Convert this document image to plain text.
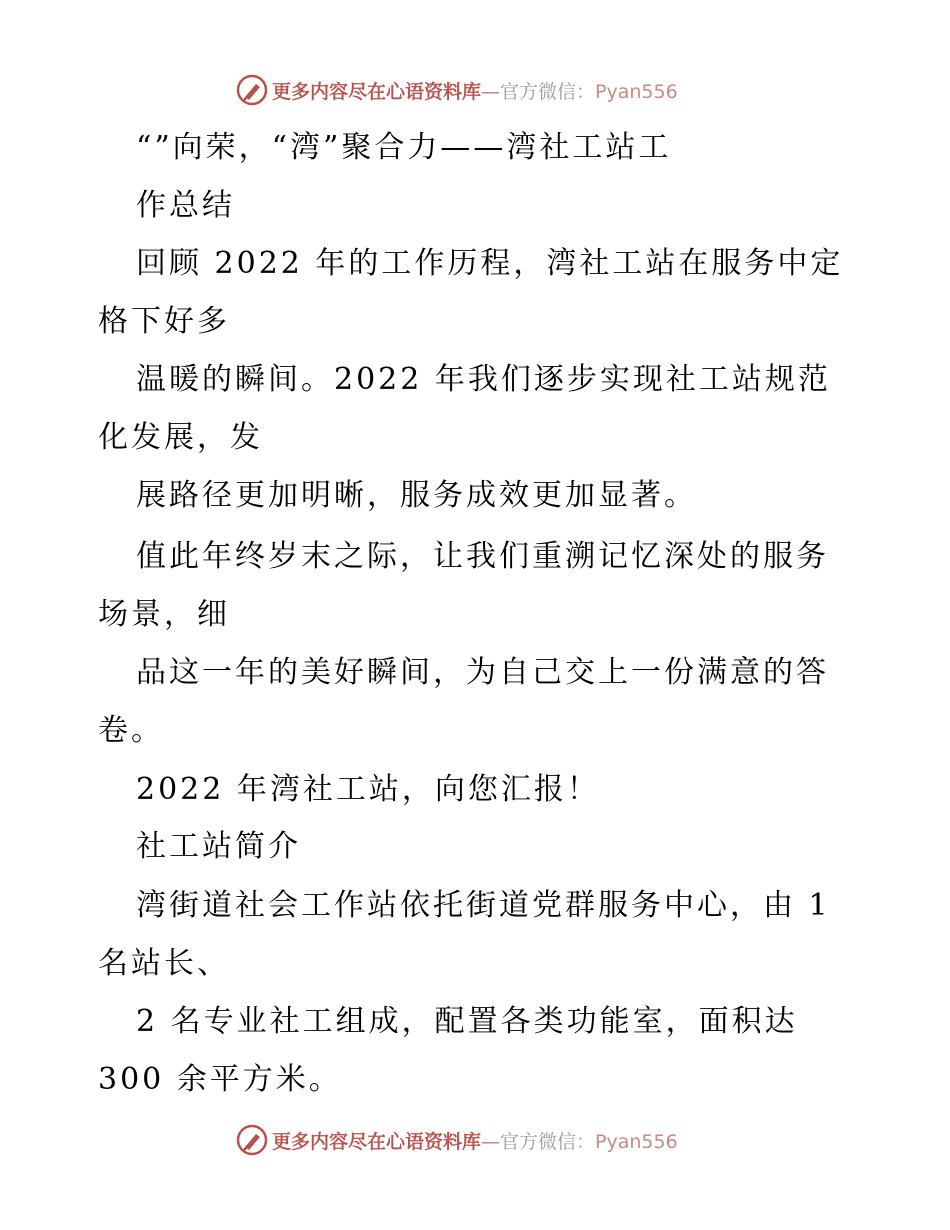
更多内容尽在心语资料库—官方微信：Pyan556
“”向荣，“湾”聚合力——湾社工站工
作总结
回顾 2022 年的工作历程，湾社工站在服务中定
格下好多
温暖的瞬间。2022 年我们逐步实现社工站规范
化发展，发
展路径更加明晰，服务成效更加显著。
值此年终岁末之际，让我们重溯记忆深处的服务
场景，细
品这一年的美好瞬间，为自己交上一份满意的答
卷。
2022 年湾社工站，向您汇报！
社工站简介
湾街道社会工作站依托街道党群服务中心，由 1
名站长、
2 名专业社工组成，配置各类功能室，面积达
300 余平方米。
更多内容尽在心语资料库—官方微信：Pyan556
